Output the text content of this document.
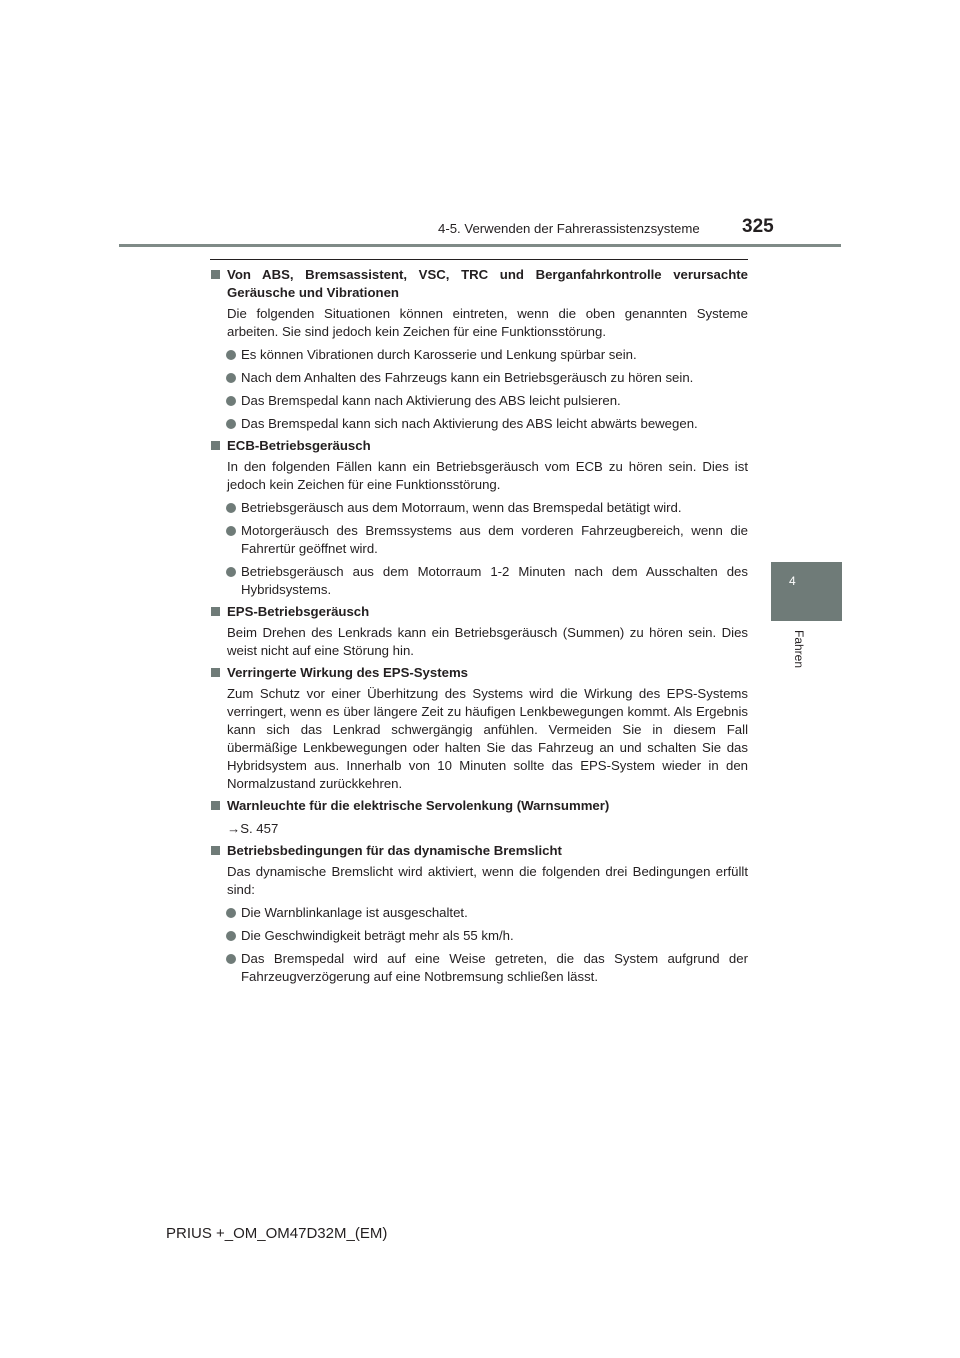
4-5. Verwenden der Fahrerassistenzsysteme 325
4
Fahren
Von ABS, Bremsassistent, VSC, TRC und Berganfahrkontrolle verursachte Geräusche und Vibrationen
Die folgenden Situationen können eintreten, wenn die oben genannten Systeme arbeiten. Sie sind jedoch kein Zeichen für eine Funktionsstörung.
Es können Vibrationen durch Karosserie und Lenkung spürbar sein.
Nach dem Anhalten des Fahrzeugs kann ein Betriebsgeräusch zu hören sein.
Das Bremspedal kann nach Aktivierung des ABS leicht pulsieren.
Das Bremspedal kann sich nach Aktivierung des ABS leicht abwärts bewegen.
ECB-Betriebsgeräusch
In den folgenden Fällen kann ein Betriebsgeräusch vom ECB zu hören sein. Dies ist jedoch kein Zeichen für eine Funktionsstörung.
Betriebsgeräusch aus dem Motorraum, wenn das Bremspedal betätigt wird.
Motorgeräusch des Bremssystems aus dem vorderen Fahrzeugbereich, wenn die Fahrertür geöffnet wird.
Betriebsgeräusch aus dem Motorraum 1-2 Minuten nach dem Ausschalten des Hybridsystems.
EPS-Betriebsgeräusch
Beim Drehen des Lenkrads kann ein Betriebsgeräusch (Summen) zu hören sein. Dies weist nicht auf eine Störung hin.
Verringerte Wirkung des EPS-Systems
Zum Schutz vor einer Überhitzung des Systems wird die Wirkung des EPS-Systems verringert, wenn es über längere Zeit zu häufigen Lenkbewegungen kommt. Als Ergebnis kann sich das Lenkrad schwergängig anfühlen. Vermeiden Sie in diesem Fall übermäßige Lenkbewegungen oder halten Sie das Fahrzeug an und schalten Sie das Hybridsystem aus. Innerhalb von 10 Minuten sollte das EPS-System wieder in den Normalzustand zurückkehren.
Warnleuchte für die elektrische Servolenkung (Warnsummer)
→S. 457
Betriebsbedingungen für das dynamische Bremslicht
Das dynamische Bremslicht wird aktiviert, wenn die folgenden drei Bedingungen erfüllt sind:
Die Warnblinkanlage ist ausgeschaltet.
Die Geschwindigkeit beträgt mehr als 55 km/h.
Das Bremspedal wird auf eine Weise getreten, die das System aufgrund der Fahrzeugverzögerung auf eine Notbremsung schließen lässt.
PRIUS +_OM_OM47D32M_(EM)
